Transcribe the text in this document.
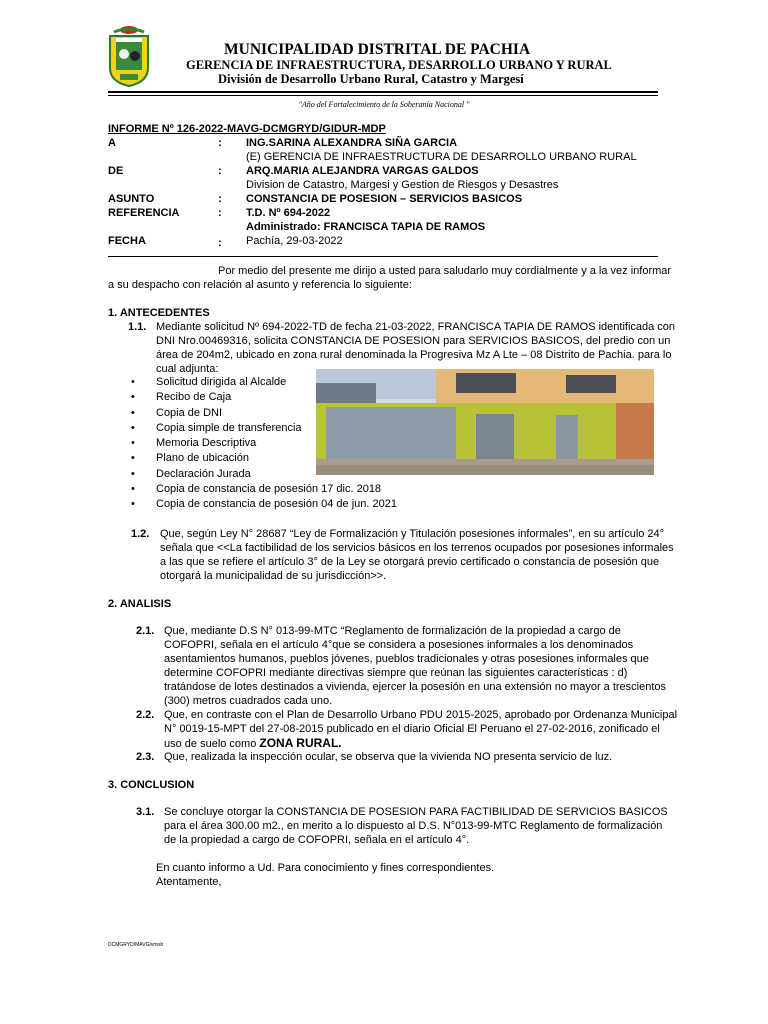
MUNICIPALIDAD DISTRITAL DE PACHIA
GERENCIA DE INFRAESTRUCTURA, DESARROLLO URBANO Y RURAL
División de Desarrollo Urbano Rural, Catastro y Margesí
"Año del Fortalecimiento de la Soberanía Nacional "
INFORME Nº 126-2022-MAVG-DCMGRYD/GIDUR-MDP
A	: ING.SARINA ALEXANDRA SIÑA GARCIA
(E) GERENCIA DE INFRAESTRUCTURA DE DESARROLLO URBANO RURAL
DE	: ARQ.MARIA ALEJANDRA VARGAS GALDOS
Division de Catastro, Margesi y Gestion de Riesgos y Desastres
ASUNTO	: CONSTANCIA DE POSESION – SERVICIOS BASICOS
REFERENCIA	: T.D. Nº 694-2022
Administrado: FRANCISCA TAPIA DE RAMOS
FECHA	: Pachía, 29-03-2022
Por medio del presente me dirijo a usted para saludarlo muy cordialmente y a la vez informar
a su despacho con relación al asunto y referencia lo siguiente:
1. ANTECEDENTES
1.1. Mediante solicitud Nº 694-2022-TD de fecha 21-03-2022, FRANCISCA TAPIA DE RAMOS identificada con
DNI Nro.00469316, solicita CONSTANCIA DE POSESION para SERVICIOS BASICOS, del predio con un
área de 204m2, ubicado en zona rural denominada la Progresiva Mz A Lte – 08 Distrito de Pachia. para lo
cual adjunta:
• Solicitud dirigida al Alcalde
• Recibo de Caja
• Copia de DNI
• Copia simple de transferencia
• Memoria Descriptiva
• Plano de ubicación
• Declaración Jurada
• Copia de constancia de posesión 17 dic. 2018
• Copia de constancia de posesión 04 de jun. 2021
1.2. Que, según Ley N° 28687 “Ley de Formalización y Titulación posesiones informales”, en su artículo 24°
señala que <<La factibilidad de los servicios básicos en los terrenos ocupados por posesiones informales
a las que se refiere el artículo 3° de la Ley se otorgará previo certificado o constancia de posesión que
otorgará la municipalidad de su jurisdicción>>.
2. ANALISIS
2.1. Que, mediante D.S N° 013-99-MTC “Reglamento de formalización de la propiedad a cargo de
COFOPRI, señala en el artículo 4°que se considera a posesiones informales a los denominados
asentamientos humanos, pueblos jóvenes, pueblos tradicionales y otras posesiones informales que
determine COFOPRI mediante directivas siempre que reúnan las siguientes características : d)
tratándose de lotes destinados a vivienda, ejercer la posesión en una extensión no mayor a trescientos
(300) metros cuadrados cada uno.
2.2. Que, en contraste con el Plan de Desarrollo Urbano PDU 2015-2025, aprobado por Ordenanza Municipal
N° 0019-15-MPT del 27-08-2015 publicado en el diario Oficial El Peruano el 27-02-2016, zonificado el
uso de suelo como ZONA RURAL.
2.3. Que, realizada la inspección ocular, se observa que la vivienda NO presenta servicio de luz.
3. CONCLUSION
3.1. Se concluye otorgar la CONSTANCIA DE POSESION PARA FACTIBILIDAD DE SERVICIOS BASICOS
para el área 300.00 m2., en merito a lo dispuesto al D.S. N°013-99-MTC Reglamento de formalización
de la propiedad a cargo de COFOPRI, señala en el artículo 4°.
En cuanto informo a Ud. Para conocimiento y fines correspondientes.
Atentamente,
DCMGRYD/MAVG/vmob
